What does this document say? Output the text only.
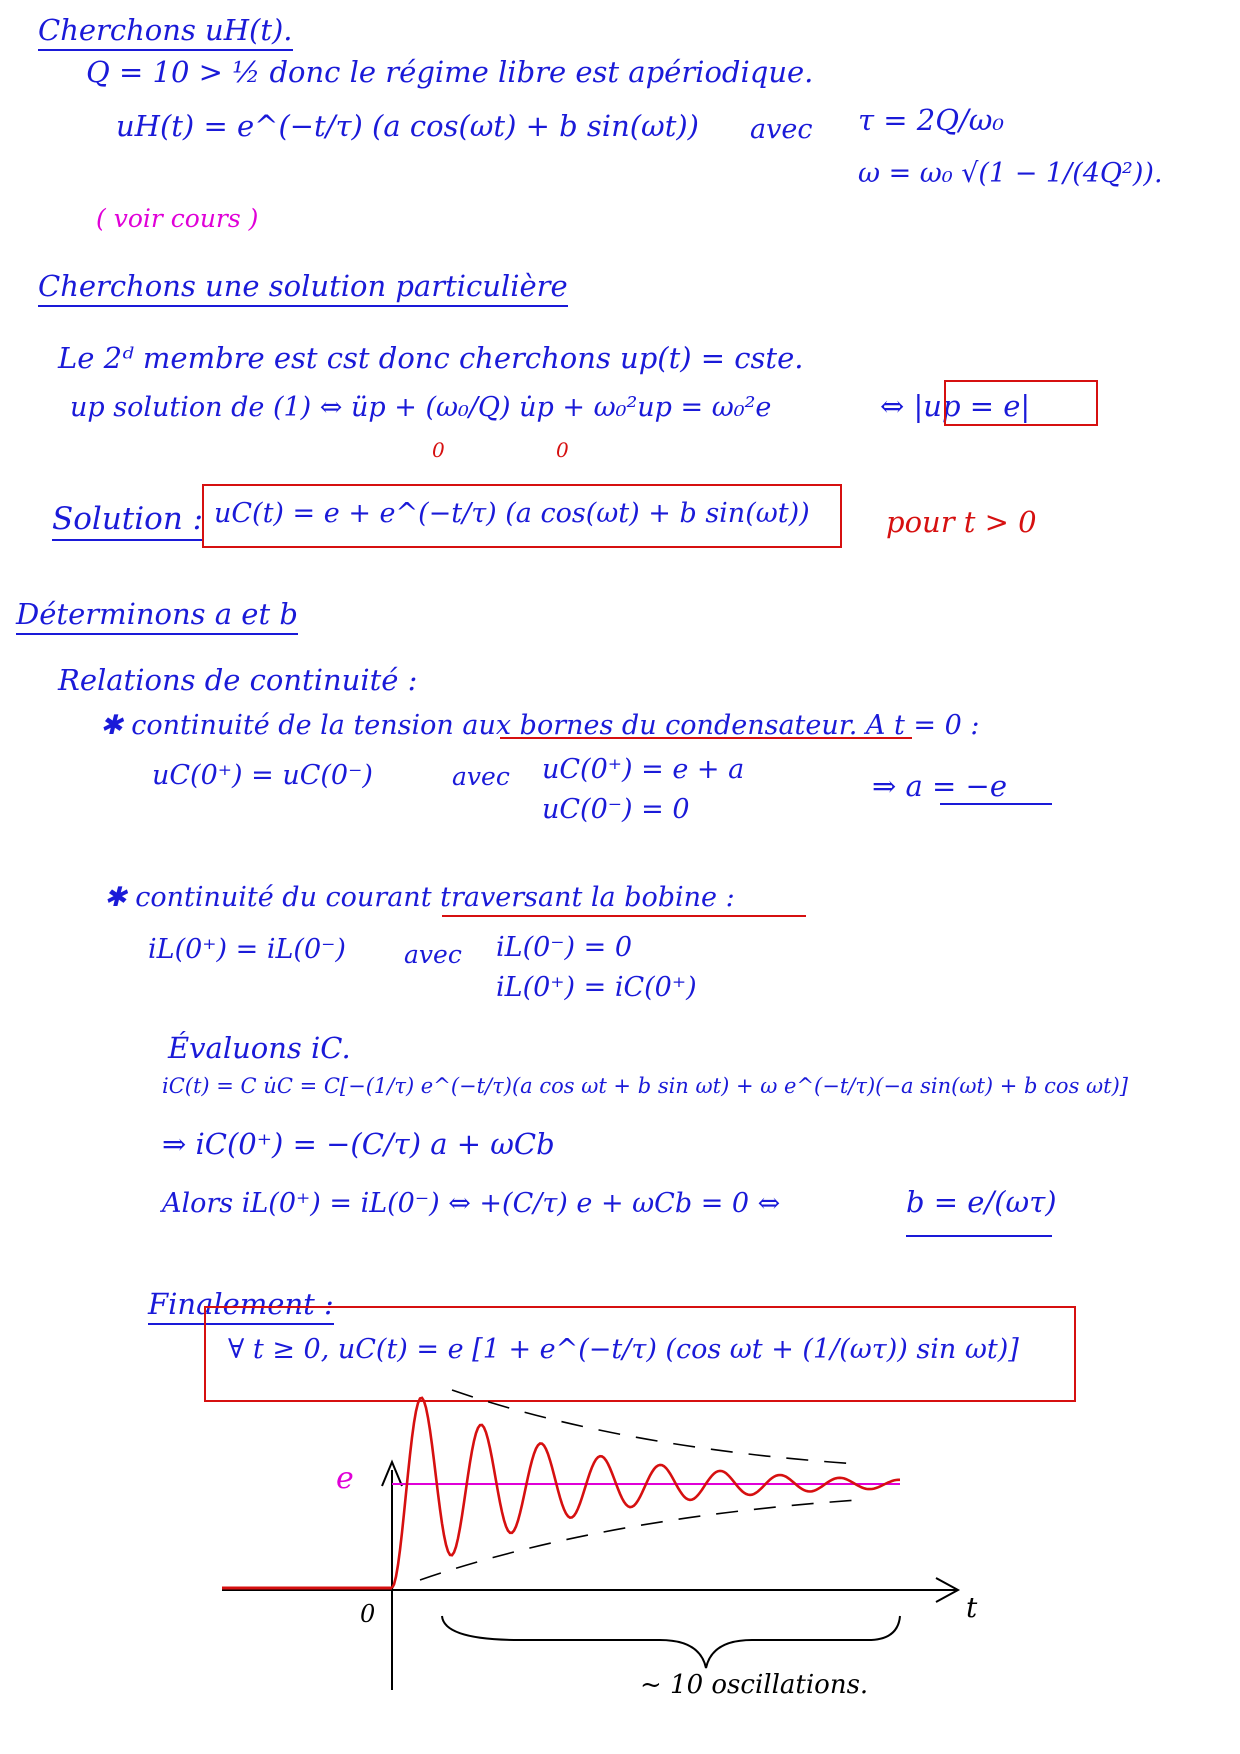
Cherchons uH(t).
Q = 10 > ½ donc le régime libre est apériodique.
uH(t) = e^(−t/τ) (a cos(ωt) + b sin(ωt)) avec τ = 2Q/ω₀
ω = ω₀ √(1 − 1/(4Q²)).
( voir cours )
Cherchons une solution particulière
Le 2ᵈ membre est cst donc cherchons up(t) = cste.
up solution de (1) ⇔ üp + (ω₀/Q) u̇p + ω₀²up = ω₀²e
0	0
⇔ |up = e|
Solution : uC(t) = e + e^(−t/τ) (a cos(ωt) + b sin(ωt))	pour t > 0
Déterminons a et b
Relations de continuité :
✱ continuité de la tension aux bornes du condensateur. A t = 0 :
uC(0⁺) = uC(0⁻)	avec uC(0⁺) = e + a
uC(0⁻) = 0
⇒ a = −e
✱ continuité du courant traversant la bobine :
iL(0⁺) = iL(0⁻) avec iL(0⁻) = 0
iL(0⁺) = iC(0⁺)
Évaluons iC.
iC(t) = C u̇C = C[−(1/τ) e^(−t/τ)(a cos ωt + b sin ωt) + ω e^(−t/τ)(−a sin(ωt) + b cos ωt)]
⇒ iC(0⁺) = −(C/τ) a + ωCb
Alors iL(0⁺) = iL(0⁻) ⇔ +(C/τ) e + ωCb = 0 ⇔	b = e/(ωτ)
Finalement :
∀ t ≥ 0, uC(t) = e [1 + e^(−t/τ) (cos ωt + (1/(ωτ)) sin ωt)]
e
0	t
~ 10 oscillations.
